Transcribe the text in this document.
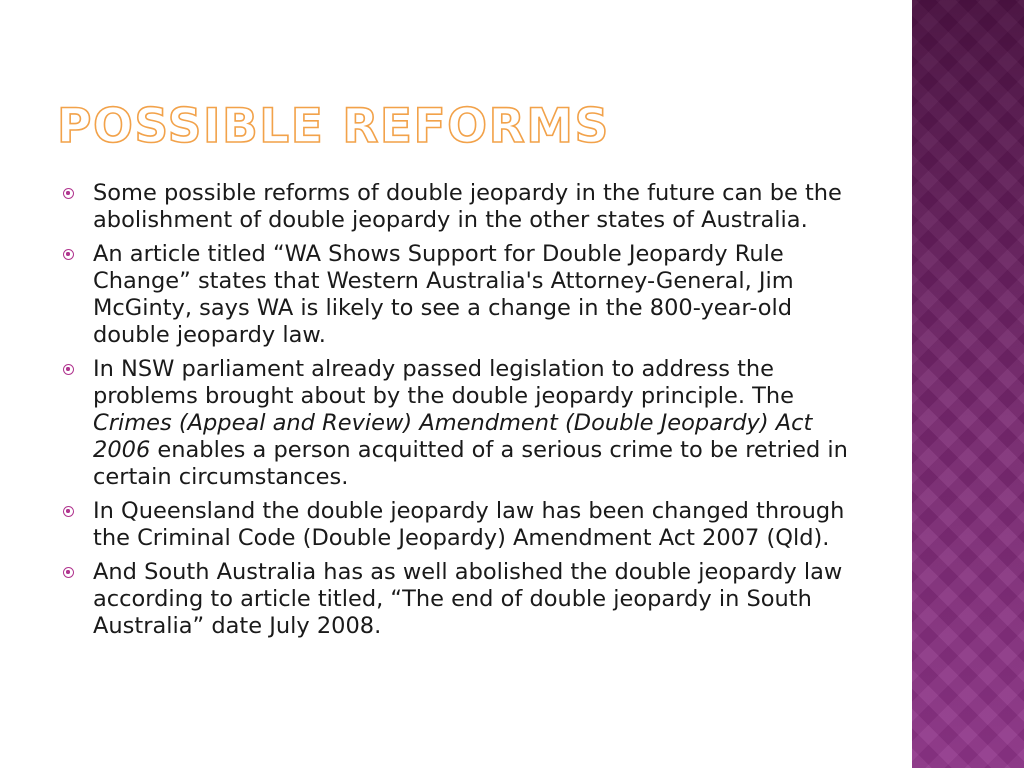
POSSIBLE REFORMS
Some possible reforms of double jeopardy in the future can be the abolishment of double jeopardy in the other states of Australia.
An article titled “WA Shows Support for Double Jeopardy Rule Change” states that Western Australia's Attorney-General, Jim McGinty, says WA is likely to see a change in the 800-year-old double jeopardy law.
In NSW parliament already passed legislation to address the problems brought about by the double jeopardy principle. The Crimes (Appeal and Review) Amendment (Double Jeopardy) Act 2006 enables a person acquitted of a serious crime to be retried in certain circumstances.
In Queensland the double jeopardy law has been changed through the Criminal Code (Double Jeopardy) Amendment Act 2007 (Qld).
And South Australia has as well abolished the double jeopardy law according to article titled, “The end of double jeopardy in South Australia” date July 2008.
